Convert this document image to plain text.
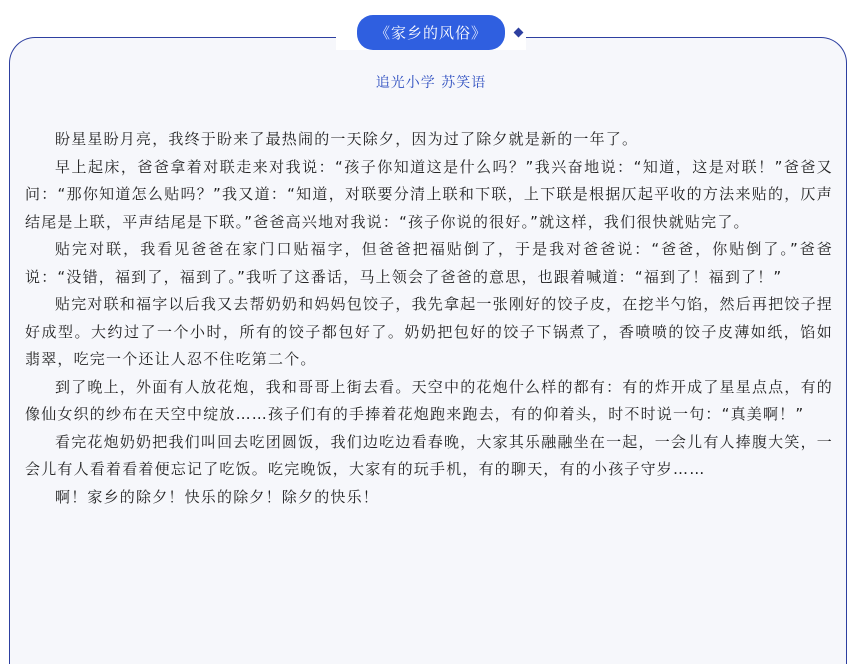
《家乡的风俗》
追光小学 苏笑语

盼星星盼月亮，我终于盼来了最热闹的一天除夕，因为过了除夕就是新的一年了。

早上起床，爸爸拿着对联走来对我说：“孩子你知道这是什么吗？”我兴奋地说：“知道，这是对联！”爸爸又问：“那你知道怎么贴吗？”我又道：“知道，对联要分清上联和下联，上下联是根据仄起平收的方法来贴的，仄声结尾是上联，平声结尾是下联。”爸爸高兴地对我说：“孩子你说的很好。”就这样，我们很快就贴完了。

贴完对联，我看见爸爸在家门口贴福字，但爸爸把福贴倒了，于是我对爸爸说：“爸爸，你贴倒了。”爸爸说：“没错，福到了，福到了。”我听了这番话，马上领会了爸爸的意思，也跟着喊道：“福到了！福到了！”

贴完对联和福字以后我又去帮奶奶和妈妈包饺子，我先拿起一张刚好的饺子皮，在挖半勺馅，然后再把饺子捏好成型。大约过了一个小时，所有的饺子都包好了。奶奶把包好的饺子下锅煮了，香喷喷的饺子皮薄如纸，馅如翡翠，吃完一个还让人忍不住吃第二个。

到了晚上，外面有人放花炮，我和哥哥上街去看。天空中的花炮什么样的都有：有的炸开成了星星点点，有的像仙女织的纱布在天空中绽放……孩子们有的手捧着花炮跑来跑去，有的仰着头，时不时说一句：“真美啊！”

看完花炮奶奶把我们叫回去吃团圆饭，我们边吃边看春晚，大家其乐融融坐在一起，一会儿有人捧腹大笑，一会儿有人看着看着便忘记了吃饭。吃完晚饭，大家有的玩手机，有的聊天，有的小孩子守岁……

啊！家乡的除夕！快乐的除夕！除夕的快乐！
